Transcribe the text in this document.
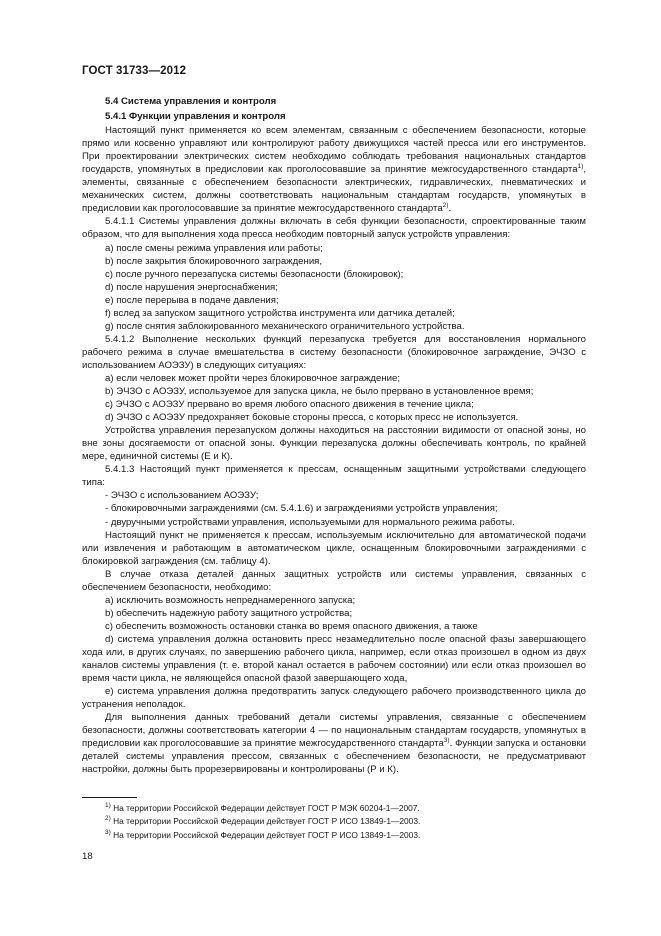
ГОСТ 31733—2012

5.4 Система управления и контроля

5.4.1 Функции управления и контроля

Настоящий пункт применяется ко всем элементам, связанным с обеспечением безопасности, которые прямо или косвенно управляют или контролируют работу движущихся частей пресса или его инструментов. При проектировании электрических систем необходимо соблюдать требования национальных стандартов государств, упомянутых в предисловии как проголосовавшие за принятие межгосударственного стандарта$^{1)}$, элементы, связанные с обеспечением безопасности электрических, гидравлических, пневматических и механических систем, должны соответствовать национальным стандартам государств, упомянутых в предисловии как проголосовавшие за принятие межгосударственного стандарта$^{2)}$.

5.4.1.1 Системы управления должны включать в себя функции безопасности, спроектированные таким образом, что для выполнения хода пресса необходим повторный запуск устройств управления:

a) после смены режима управления или работы;

b) после закрытия блокировочного заграждения,

c) после ручного перезапуска системы безопасности (блокировок);

d) после нарушения энергоснабжения;

e) после перерыва в подаче давления;

f) вслед за запуском защитного устройства инструмента или датчика деталей;

g) после снятия заблокированного механического ограничительного устройства.

5.4.1.2 Выполнение нескольких функций перезапуска требуется для восстановления нормального рабочего режима в случае вмешательства в систему безопасности (блокировочное заграждение, ЭЧЗО с использованием АОЭЗУ) в следующих ситуациях:

a) если человек может пройти через блокировочное заграждение;

b) ЭЧЗО с АОЭЗУ, используемое для запуска цикла, не было прервано в установленное время;

c) ЭЧЗО с АОЭЗУ прервано во время любого опасного движения в течение цикла;

d) ЭЧЗО с АОЭЗУ предохраняет боковые стороны пресса, с которых пресс не используется.

Устройства управления перезапуском должны находиться на расстоянии видимости от опасной зоны, но вне зоны досягаемости от опасной зоны. Функции перезапуска должны обеспечивать контроль, по крайней мере, единичной системы (E и К).

5.4.1.3 Настоящий пункт применяется к прессам, оснащенным защитными устройствами следующего типа:

- ЭЧЗО с использованием АОЭЗУ;

- блокировочными заграждениями (см. 5.4.1.6) и заграждениями устройств управления;

- двуручными устройствами управления, используемыми для нормального режима работы.

Настоящий пункт не применяется к прессам, используемым исключительно для автоматической подачи или извлечения и работающим в автоматическом цикле, оснащенным блокировочными заграждениями с блокировкой заграждения (см. таблицу 4).

В случае отказа деталей данных защитных устройств или системы управления, связанных с обеспечением безопасности, необходимо:

a) исключить возможность непреднамеренного запуска;

b) обеспечить надежную работу защитного устройства;

c) обеспечить возможность остановки станка во время опасного движения, а также

d) система управления должна остановить пресс незамедлительно после опасной фазы завершающего хода или, в других случаях, по завершению рабочего цикла, например, если отказ произошел в одном из двух каналов системы управления (т. е. второй канал остается в рабочем состоянии) или если отказ произошел во время части цикла, не являющейся опасной фазой завершающего хода,

e) система управления должна предотвратить запуск следующего рабочего производственного цикла до устранения неполадок.

Для выполнения данных требований детали системы управления, связанные с обеспечением безопасности, должны соответствовать категории 4 — по национальным стандартам государств, упомянутых в предисловии как проголосовавшие за принятие межгосударственного стандарта$^{3)}$. Функции запуска и остановки деталей системы управления прессом, связанных с обеспечением безопасности, не предусматривают настройки, должны быть прорезервированы и контролированы (Р и К).

$^{1)}$ На территории Российской Федерации действует ГОСТ Р МЭК 60204-1—2007.

$^{2)}$ На территории Российской Федерации действует ГОСТ Р ИСО 13849-1—2003.

$^{3)}$ На территории Российской Федерации действует ГОСТ Р ИСО 13849-1—2003.

18
